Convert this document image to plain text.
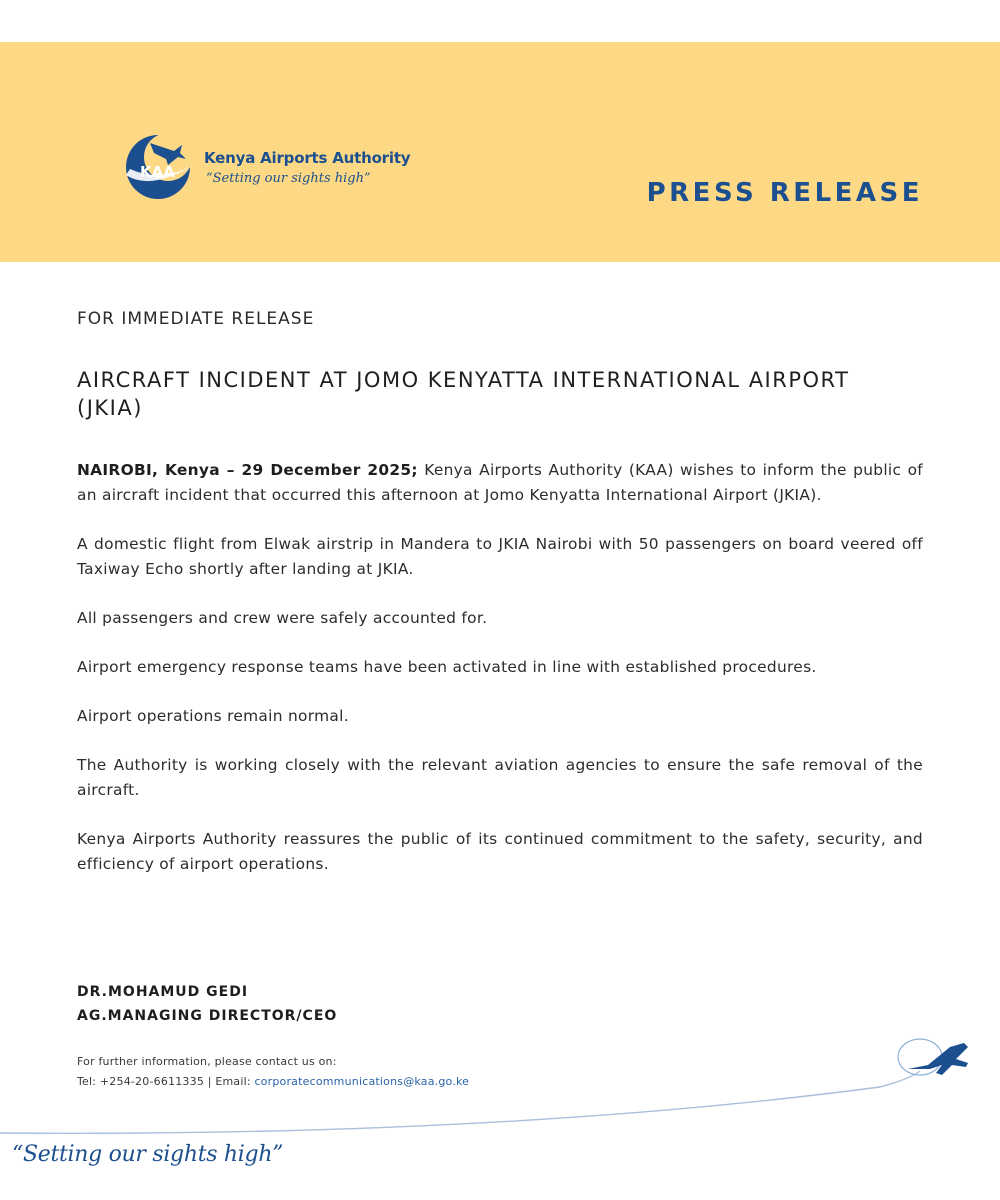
KAA
Kenya Airports Authority
“Setting our sights high”	PRESS RELEASE
FOR IMMEDIATE RELEASE
AIRCRAFT INCIDENT AT JOMO KENYATTA INTERNATIONAL AIRPORT (JKIA)

NAIROBI, Kenya – 29 December 2025; Kenya Airports Authority (KAA) wishes to inform the public of an aircraft incident that occurred this afternoon at Jomo Kenyatta International Airport (JKIA).

A domestic flight from Elwak airstrip in Mandera to JKIA Nairobi with 50 passengers on board veered off Taxiway Echo shortly after landing at JKIA.

All passengers and crew were safely accounted for.

Airport emergency response teams have been activated in line with established procedures.

Airport operations remain normal.

The Authority is working closely with the relevant aviation agencies to ensure the safe removal of the aircraft.

Kenya Airports Authority reassures the public of its continued commitment to the safety, security, and efficiency of airport operations.

DR.MOHAMUD GEDI
AG.MANAGING DIRECTOR/CEO
For further information, please contact us on:
Tel: +254-20-6611335 | Email: corporatecommunications@kaa.go.ke
“Setting our sights high”
